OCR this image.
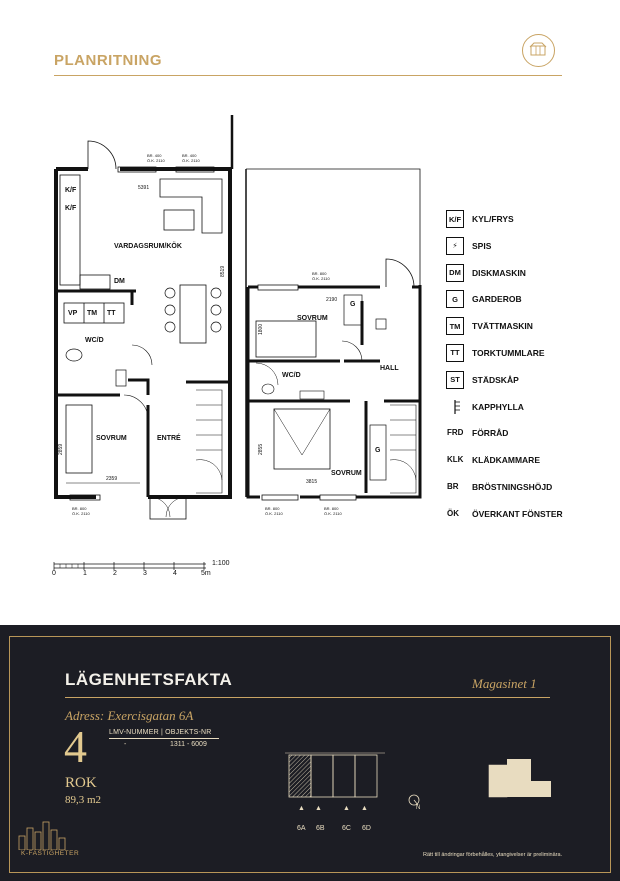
PLANRITNING
BR. 400
Ö.K. 2110
BR. 400
Ö.K. 2110
5391
8519
K/F
K/F
VARDAGSRUM/KÖK
DM
VP TM TT
WC/D
SOVRUM	ENTRÉ
2859
2359
BR. 800
Ö.K. 2110
BR. 800
Ö.K. 2110
2190
1800
SOVRUM
G
HALL
WC/D
G
SOVRUM
2855
3815
BR. 800
Ö.K. 2110
BR. 800
Ö.K. 2110
K/F	KYL/FRYS
⚡	SPIS
DM	DISKMASKIN
G	GARDEROB
TM	TVÄTTMASKIN
TT	TORKTUMMLARE
ST	STÄDSKÅP
KAPPHYLLA
FRD FÖRRÅD
KLK KLÄDKAMMARE
BR BRÖSTNINGSHÖJD
ÖK ÖVERKANT FÖNSTER
1:100
0	1	2	3	4	5m
LÄGENHETSFAKTA	Magasinet 1
Adress: Exercisgatan 6A
4
ROK
89,3 m2
LMV-NUMMER | OBJEKTS-NR
-	1311 - 6009
▲ ▲	▲ ▲
6A 6B 6C 6D
N
K-FASTIGHETER	Rätt till ändringar förbehålles, ytangivelser är preliminära.
